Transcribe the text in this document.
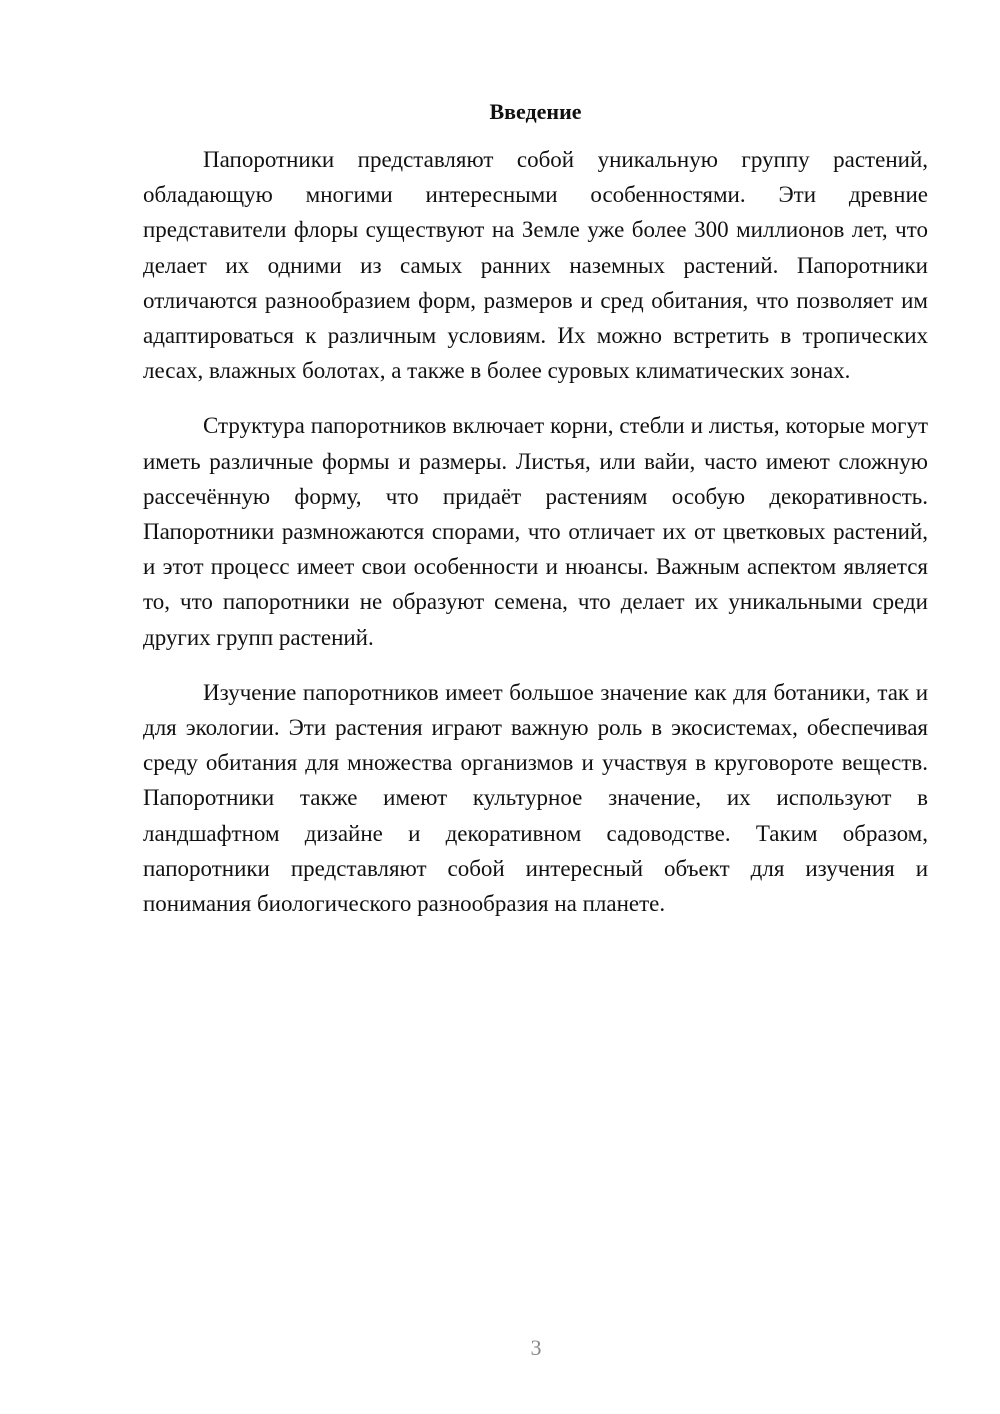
Введение

Папоротники представляют собой уникальную группу растений, обладающую многими интересными особенностями. Эти древние представители флоры существуют на Земле уже более 300 миллионов лет, что делает их одними из самых ранних наземных растений. Папоротники отличаются разнообразием форм, размеров и сред обитания, что позволяет им адаптироваться к различным условиям. Их можно встретить в тропических лесах, влажных болотах, а также в более суровых климатических зонах.

Структура папоротников включает корни, стебли и листья, которые могут иметь различные формы и размеры. Листья, или вайи, часто имеют сложную рассечённую форму, что придаёт растениям особую декоративность. Папоротники размножаются спорами, что отличает их от цветковых растений, и этот процесс имеет свои особенности и нюансы. Важным аспектом является то, что папоротники не образуют семена, что делает их уникальными среди других групп растений.

Изучение папоротников имеет большое значение как для ботаники, так и для экологии. Эти растения играют важную роль в экосистемах, обеспечивая среду обитания для множества организмов и участвуя в круговороте веществ. Папоротники также имеют культурное значение, их используют в ландшафтном дизайне и декоративном садоводстве. Таким образом, папоротники представляют собой интересный объект для изучения и понимания биологического разнообразия на планете.

3
